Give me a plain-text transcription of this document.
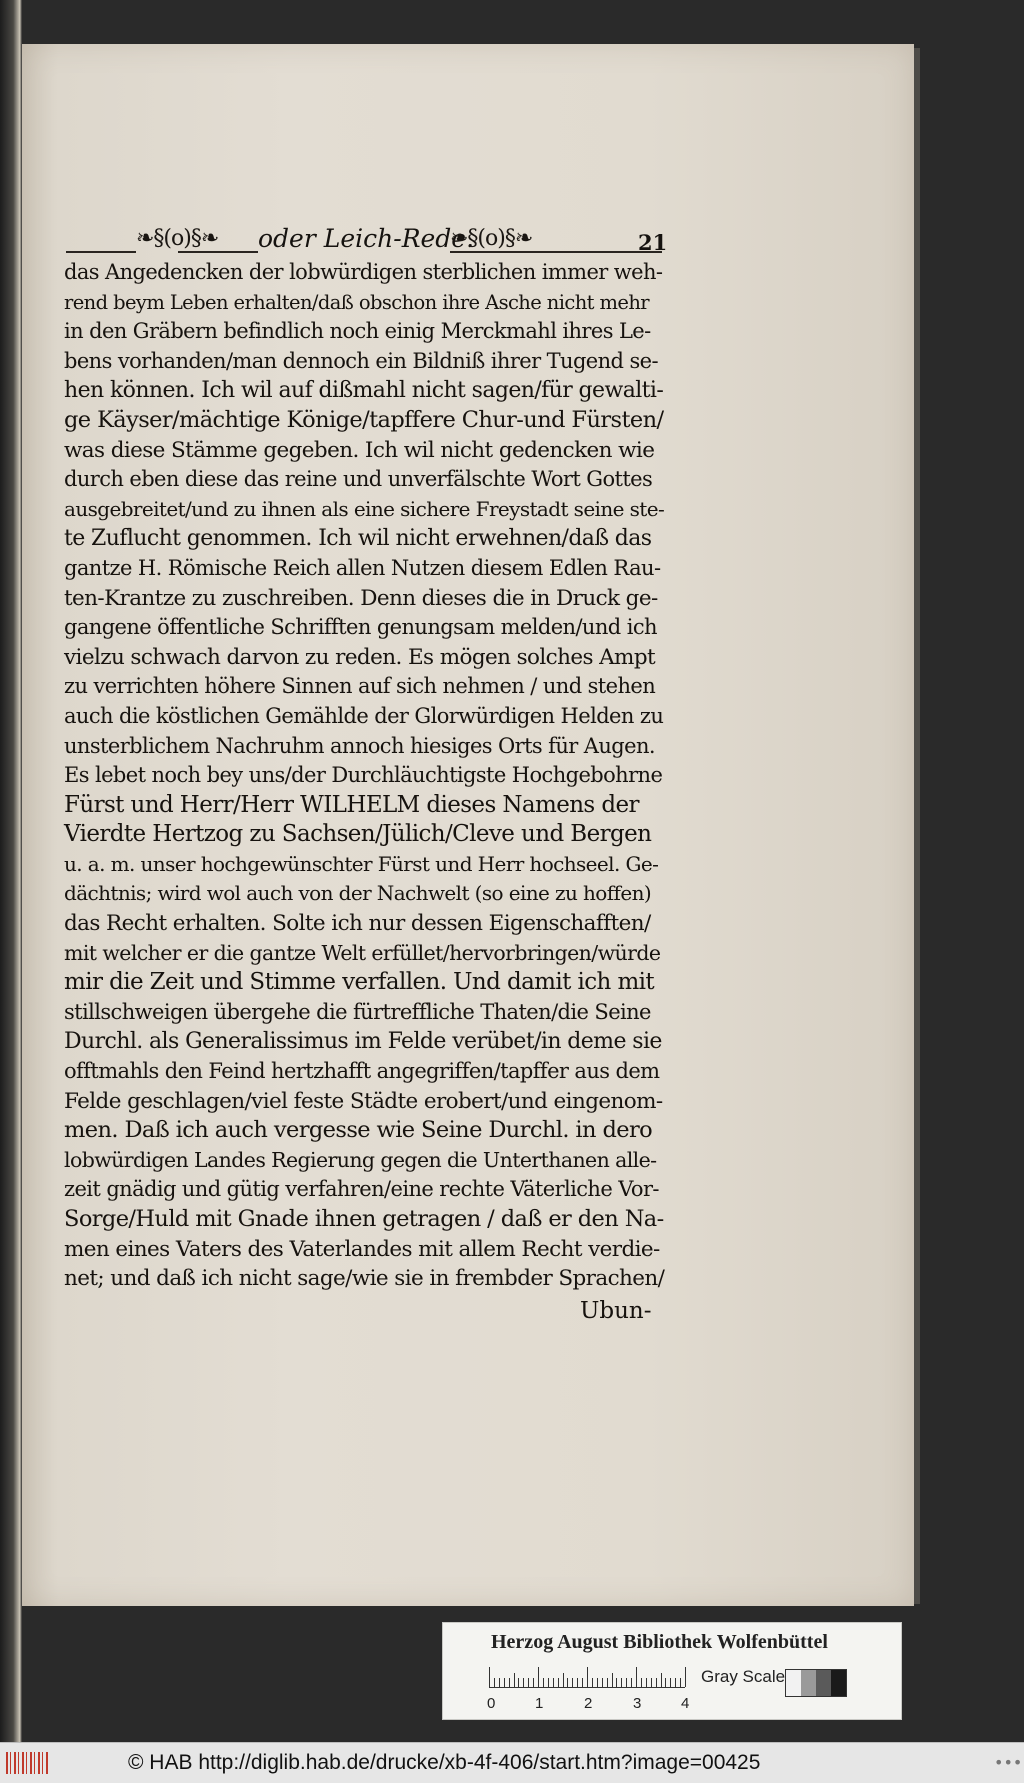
❧§(o)§❧ oder Leich-Rede.
❧§(o)§❧	21
das Angedencken der lobwürdigen sterblichen immer weh-
rend beym Leben erhalten/daß obschon ihre Asche nicht mehr
in den Gräbern befindlich noch einig Merckmahl ihres Le-
bens vorhanden/man dennoch ein Bildniß ihrer Tugend se-
hen können. Ich wil auf dißmahl nicht sagen/für gewalti-
ge Käyser/mächtige Könige/tapffere Chur-und Fürsten/
was diese Stämme gegeben. Ich wil nicht gedencken wie
durch eben diese das reine und unverfälschte Wort Gottes
ausgebreitet/und zu ihnen als eine sichere Freystadt seine ste-
te Zuflucht genommen. Ich wil nicht erwehnen/daß das
gantze H. Römische Reich allen Nutzen diesem Edlen Rau-
ten-Krantze zu zuschreiben. Denn dieses die in Druck ge-
gangene öffentliche Schrifften genungsam melden/und ich
vielzu schwach darvon zu reden. Es mögen solches Ampt
zu verrichten höhere Sinnen auf sich nehmen / und stehen
auch die köstlichen Gemählde der Glorwürdigen Helden zu
unsterblichem Nachruhm annoch hiesiges Orts für Augen.
Es lebet noch bey uns/der Durchläuchtigste Hochgebohrne
Fürst und Herr/Herr WILHELM dieses Namens der
Vierdte Hertzog zu Sachsen/Jülich/Cleve und Bergen
u. a. m. unser hochgewünschter Fürst und Herr hochseel. Ge-
dächtnis; wird wol auch von der Nachwelt (so eine zu hoffen)
das Recht erhalten. Solte ich nur dessen Eigenschafften/
mit welcher er die gantze Welt erfüllet/hervorbringen/würde
mir die Zeit und Stimme verfallen. Und damit ich mit
stillschweigen übergehe die fürtreffliche Thaten/die Seine
Durchl. als Generalissimus im Felde verübet/in deme sie
offtmahls den Feind hertzhafft angegriffen/tapffer aus dem
Felde geschlagen/viel feste Städte erobert/und eingenom-
men. Daß ich auch vergesse wie Seine Durchl. in dero
lobwürdigen Landes Regierung gegen die Unterthanen alle-
zeit gnädig und gütig verfahren/eine rechte Väterliche Vor-
Sorge/Huld mit Gnade ihnen getragen / daß er den Na-
men eines Vaters des Vaterlandes mit allem Recht verdie-
net; und daß ich nicht sage/wie sie in frembder Sprachen/
Ubun-
Herzog August Bibliothek Wolfenbüttel
0	1	2	3	4
Gray Scale
© HAB http://diglib.hab.de/drucke/xb-4f-406/start.htm?image=00425	•••
